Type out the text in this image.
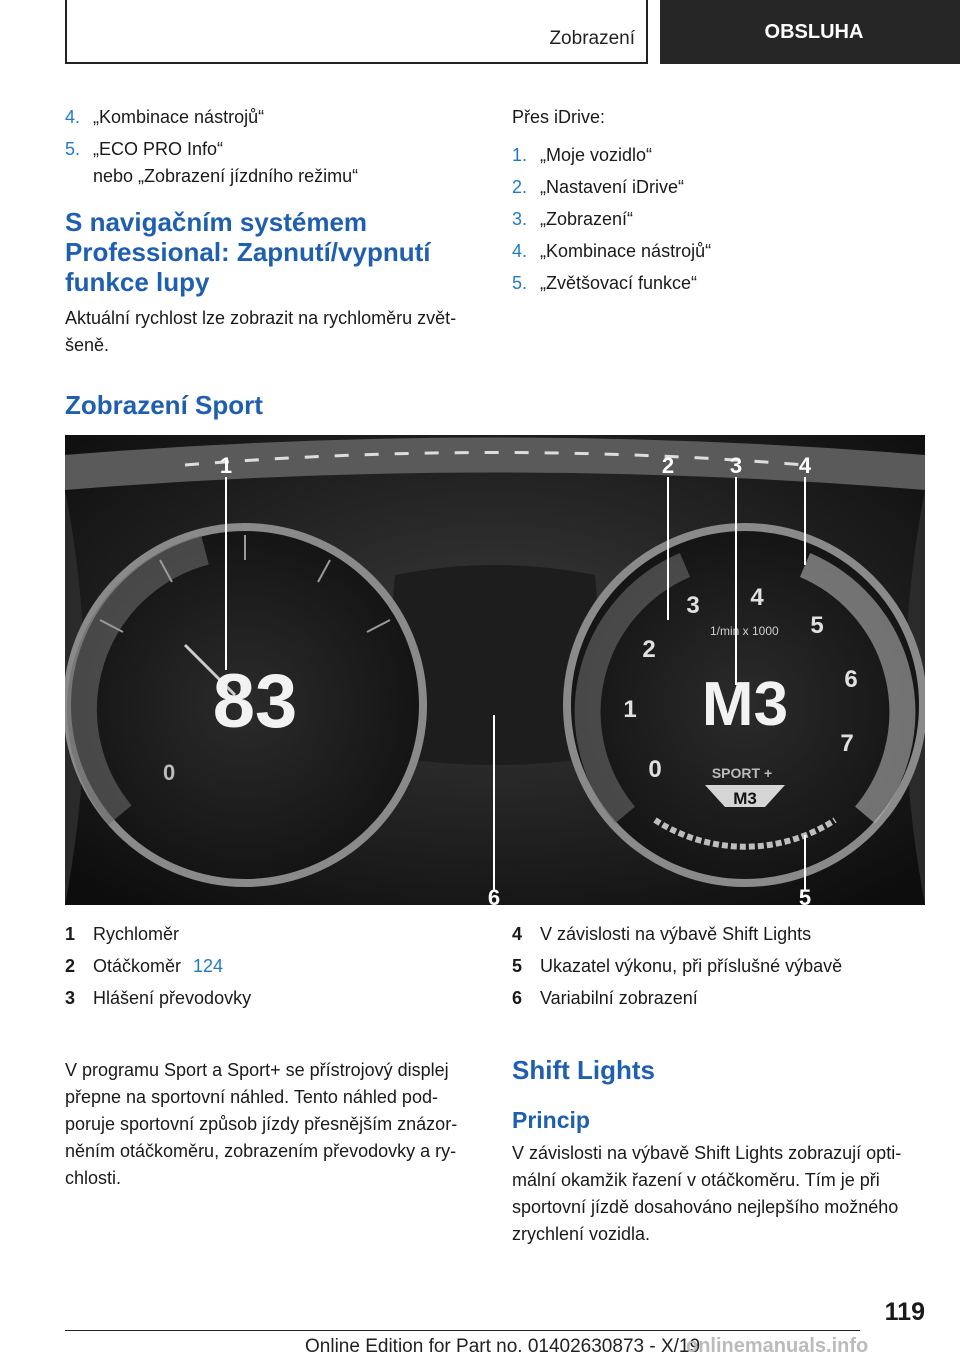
Zobrazení	OBSLUHA
4. „Kombinace nástrojů“
5. „ECO PRO Info“
nebo „Zobrazení jízdního režimu“
S navigačním systémem Professional: Zapnutí/vypnutí funkce lupy

Aktuální rychlost lze zobrazit na rychloměru zvět-šeně.

Přes iDrive:
1. „Moje vozidlo“
2. „Nastavení iDrive“
3. „Zobrazení“
4. „Kombinace nástrojů“
5. „Zvětšovací funkce“
Zobrazení Sport
83
0
1/min x 1000
0
1
2
3 4
5
6
7
M3
SPORT +
M3
1	2	3	4
5
6
1 Rychloměr
2 Otáčkoměr 124
3 Hlášení převodovky
4 V závislosti na výbavě Shift Lights
5 Ukazatel výkonu, při příslušné výbavě
6 Variabilní zobrazení

V programu Sport a Sport+ se přístrojový displej přepne na sportovní náhled. Tento náhled pod-poruje sportovní způsob jízdy přesnějším znázor-něním otáčkoměru, zobrazením převodovky a ry-chlosti.

Shift Lights
Princip

V závislosti na výbavě Shift Lights zobrazují opti-mální okamžik řazení v otáčkoměru. Tím je při sportovní jízdě dosahováno nejlepšího možného zrychlení vozidla.

119
Online Edition for Part no. 01402630873 - X/19
onlinemanuals.info
